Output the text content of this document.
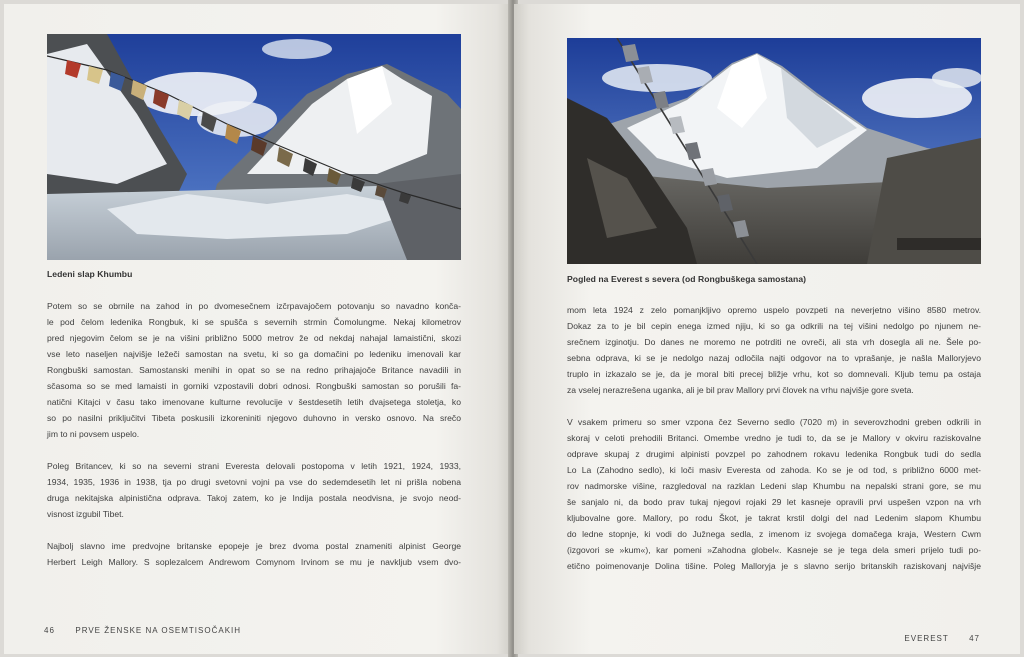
Ledeni slap Khumbu

Potem so se obrnile na zahod in po dvomesečnem izčrpavajočem potovanju so navadno konča-
le pod čelom ledenika Rongbuk, ki se spušča s severnih strmin Čomolungme. Nekaj kilometrov
pred njegovim čelom se je na višini približno 5000 metrov že od nekdaj nahajal lamaistični, skozi
vse leto naseljen najvišje ležeči samostan na svetu, ki so ga domačini po ledeniku imenovali kar
Rongbuški samostan. Samostanski menihi in opat so se na redno prihajajoče Britance navadili in
sčasoma so se med lamaisti in gorniki vzpostavili dobri odnosi. Rongbuški samostan so porušili fa-
natični Kitajci v času tako imenovane kulturne revolucije v šestdesetih letih dvajsetega stoletja, ko
so po nasilni priključitvi Tibeta poskusili izkoreniniti njegovo duhovno in versko osnovo. Na srečo
jim to ni povsem uspelo.

Poleg Britancev, ki so na severni strani Everesta delovali postopoma v letih 1921, 1924, 1933,
1934, 1935, 1936 in 1938, tja po drugi svetovni vojni pa vse do sedemdesetih let ni prišla nobena
druga nekitajska alpinistična odprava. Takoj zatem, ko je Indija postala neodvisna, je svojo neod-
visnost izgubil Tibet.

Najbolj slavno ime predvojne britanske epopeje je brez dvoma postal znameniti alpinist George
Herbert Leigh Mallory. S soplezalcem Andrewom Comynom Irvinom se mu je navkljub vsem dvo-

46	PRVE ŽENSKE NA OSEMTISOČAKIH
Pogled na Everest s severa (od Rongbuškega samostana)

mom leta 1924 z zelo pomanjkljivo opremo uspelo povzpeti na neverjetno višino 8580 metrov.
Dokaz za to je bil cepin enega izmed njiju, ki so ga odkrili na tej višini nedolgo po njunem ne-
srečnem izginotju. Do danes ne moremo ne potrditi ne ovreči, ali sta vrh dosegla ali ne. Šele po-
sebna odprava, ki se je nedolgo nazaj odločila najti odgovor na to vprašanje, je našla Malloryjevo
truplo in izkazalo se je, da je moral biti precej bližje vrhu, kot so domnevali. Kljub temu pa ostaja
za vselej nerazrešena uganka, ali je bil prav Mallory prvi človek na vrhu najvišje gore sveta.

V vsakem primeru so smer vzpona čez Severno sedlo (7020 m) in severovzhodni greben odkrili in
skoraj v celoti prehodili Britanci. Omembe vredno je tudi to, da se je Mallory v okviru raziskovalne
odprave skupaj z drugimi alpinisti povzpel po zahodnem rokavu ledenika Rongbuk tudi do sedla
Lo La (Zahodno sedlo), ki loči masiv Everesta od zahoda. Ko se je od tod, s približno 6000 met-
rov nadmorske višine, razgledoval na razklan Ledeni slap Khumbu na nepalski strani gore, se mu
še sanjalo ni, da bodo prav tukaj njegovi rojaki 29 let kasneje opravili prvi uspešen vzpon na vrh
kljubovalne gore. Mallory, po rodu Škot, je takrat krstil dolgi del nad Ledenim slapom Khumbu
do ledne stopnje, ki vodi do Južnega sedla, z imenom iz svojega domačega kraja, Western Cwm
(izgovori se »kum«), kar pomeni »Zahodna globel«. Kasneje se je tega dela smeri prijelo tudi po-
etično poimenovanje Dolina tišine. Poleg Malloryja je s slavno serijo britanskih raziskovanj najvišje

EVEREST	47
